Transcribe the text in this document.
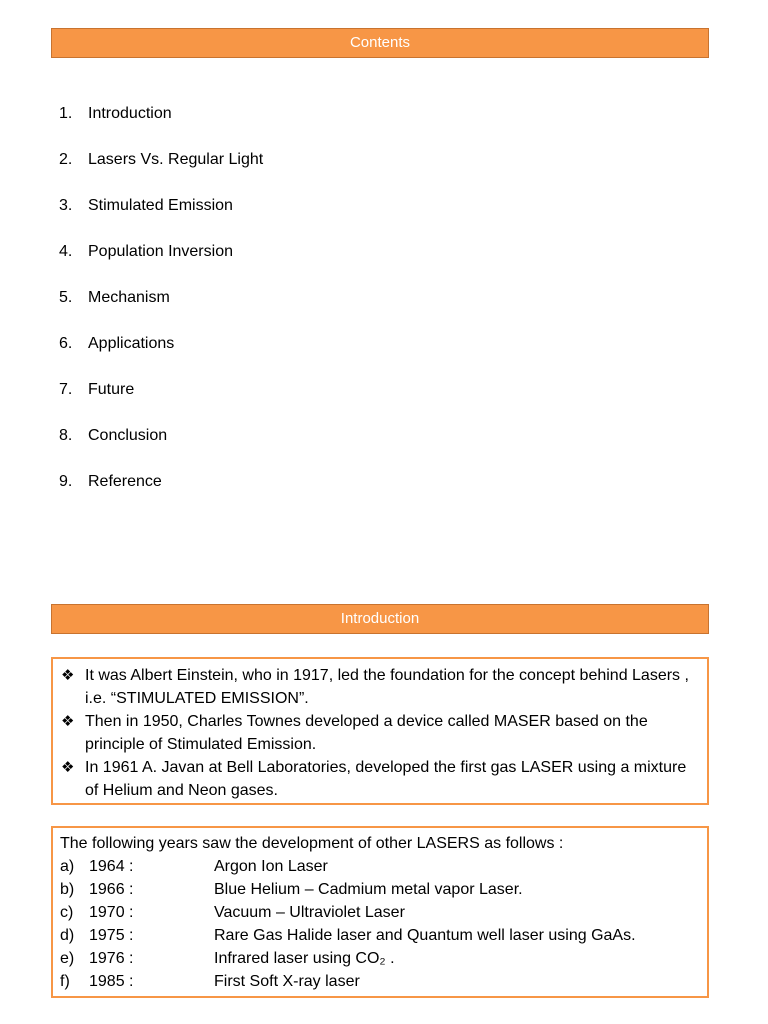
Contents
1. Introduction
2. Lasers Vs. Regular Light
3. Stimulated Emission
4. Population Inversion
5. Mechanism
6. Applications
7. Future
8. Conclusion
9. Reference
Introduction
❖ It was Albert Einstein, who in 1917, led the foundation for the concept behind Lasers , i.e. “STIMULATED EMISSION”.
❖ Then in 1950, Charles Townes developed a device called MASER based on the principle of Stimulated Emission.
❖ In 1961 A. Javan at Bell Laboratories, developed the first gas LASER using a mixture of Helium and Neon gases.
The following years saw the development of other LASERS as follows :
a) 1964 :	Argon Ion Laser
b) 1966 :	Blue Helium – Cadmium metal vapor Laser.
c) 1970 :	Vacuum – Ultraviolet Laser
d) 1975 :	Rare Gas Halide laser and Quantum well laser using GaAs.
e) 1976 :	Infrared laser using CO₂ .
f)	1985 :	First Soft X-ray laser
